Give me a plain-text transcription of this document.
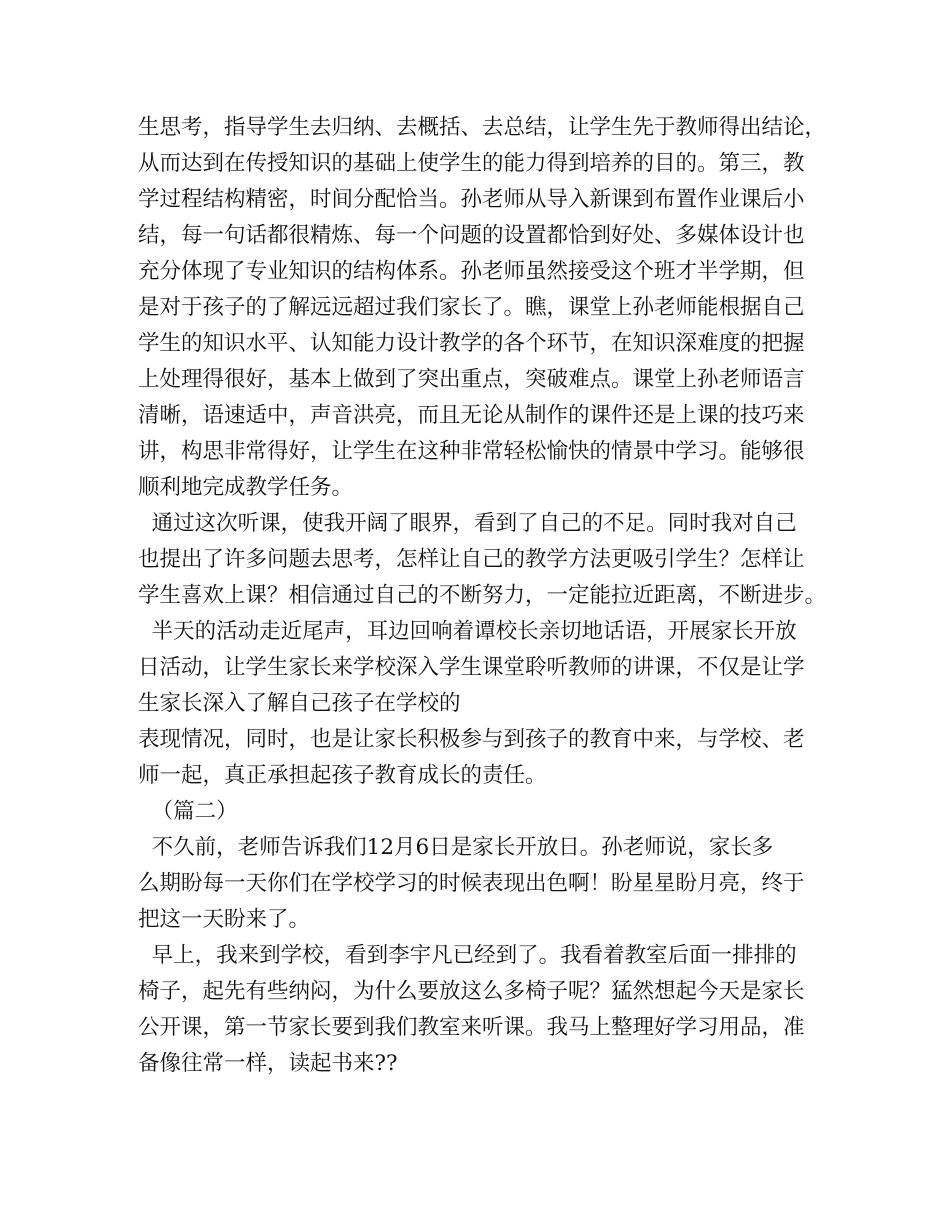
生思考，指导学生去归纳、去概括、去总结，让学生先于教师得出结论，
从而达到在传授知识的基础上使学生的能力得到培养的目的。第三，教
学过程结构精密，时间分配恰当。孙老师从导入新课到布置作业课后小
结，每一句话都很精炼、每一个问题的设置都恰到好处、多媒体设计也
充分体现了专业知识的结构体系。孙老师虽然接受这个班才半学期，但
是对于孩子的了解远远超过我们家长了。瞧，课堂上孙老师能根据自己
学生的知识水平、认知能力设计教学的各个环节，在知识深难度的把握
上处理得很好，基本上做到了突出重点，突破难点。课堂上孙老师语言
清晰，语速适中，声音洪亮，而且无论从制作的课件还是上课的技巧来
讲，构思非常得好，让学生在这种非常轻松愉快的情景中学习。能够很
顺利地完成教学任务。
通过这次听课，使我开阔了眼界，看到了自己的不足。同时我对自己
也提出了许多问题去思考，怎样让自己的教学方法更吸引学生？怎样让
学生喜欢上课？相信通过自己的不断努力，一定能拉近距离，不断进步。
半天的活动走近尾声，耳边回响着谭校长亲切地话语，开展家长开放
日活动，让学生家长来学校深入学生课堂聆听教师的讲课，不仅是让学
生家长深入了解自己孩子在学校的
表现情况，同时，也是让家长积极参与到孩子的教育中来，与学校、老
师一起，真正承担起孩子教育成长的责任。
（篇二）
不久前，老师告诉我们12月6日是家长开放日。孙老师说，家长多
么期盼每一天你们在学校学习的时候表现出色啊！盼星星盼月亮，终于
把这一天盼来了。
早上，我来到学校，看到李宇凡已经到了。我看着教室后面一排排的
椅子，起先有些纳闷，为什么要放这么多椅子呢？猛然想起今天是家长
公开课，第一节家长要到我们教室来听课。我马上整理好学习用品，准
备像往常一样，读起书来??
